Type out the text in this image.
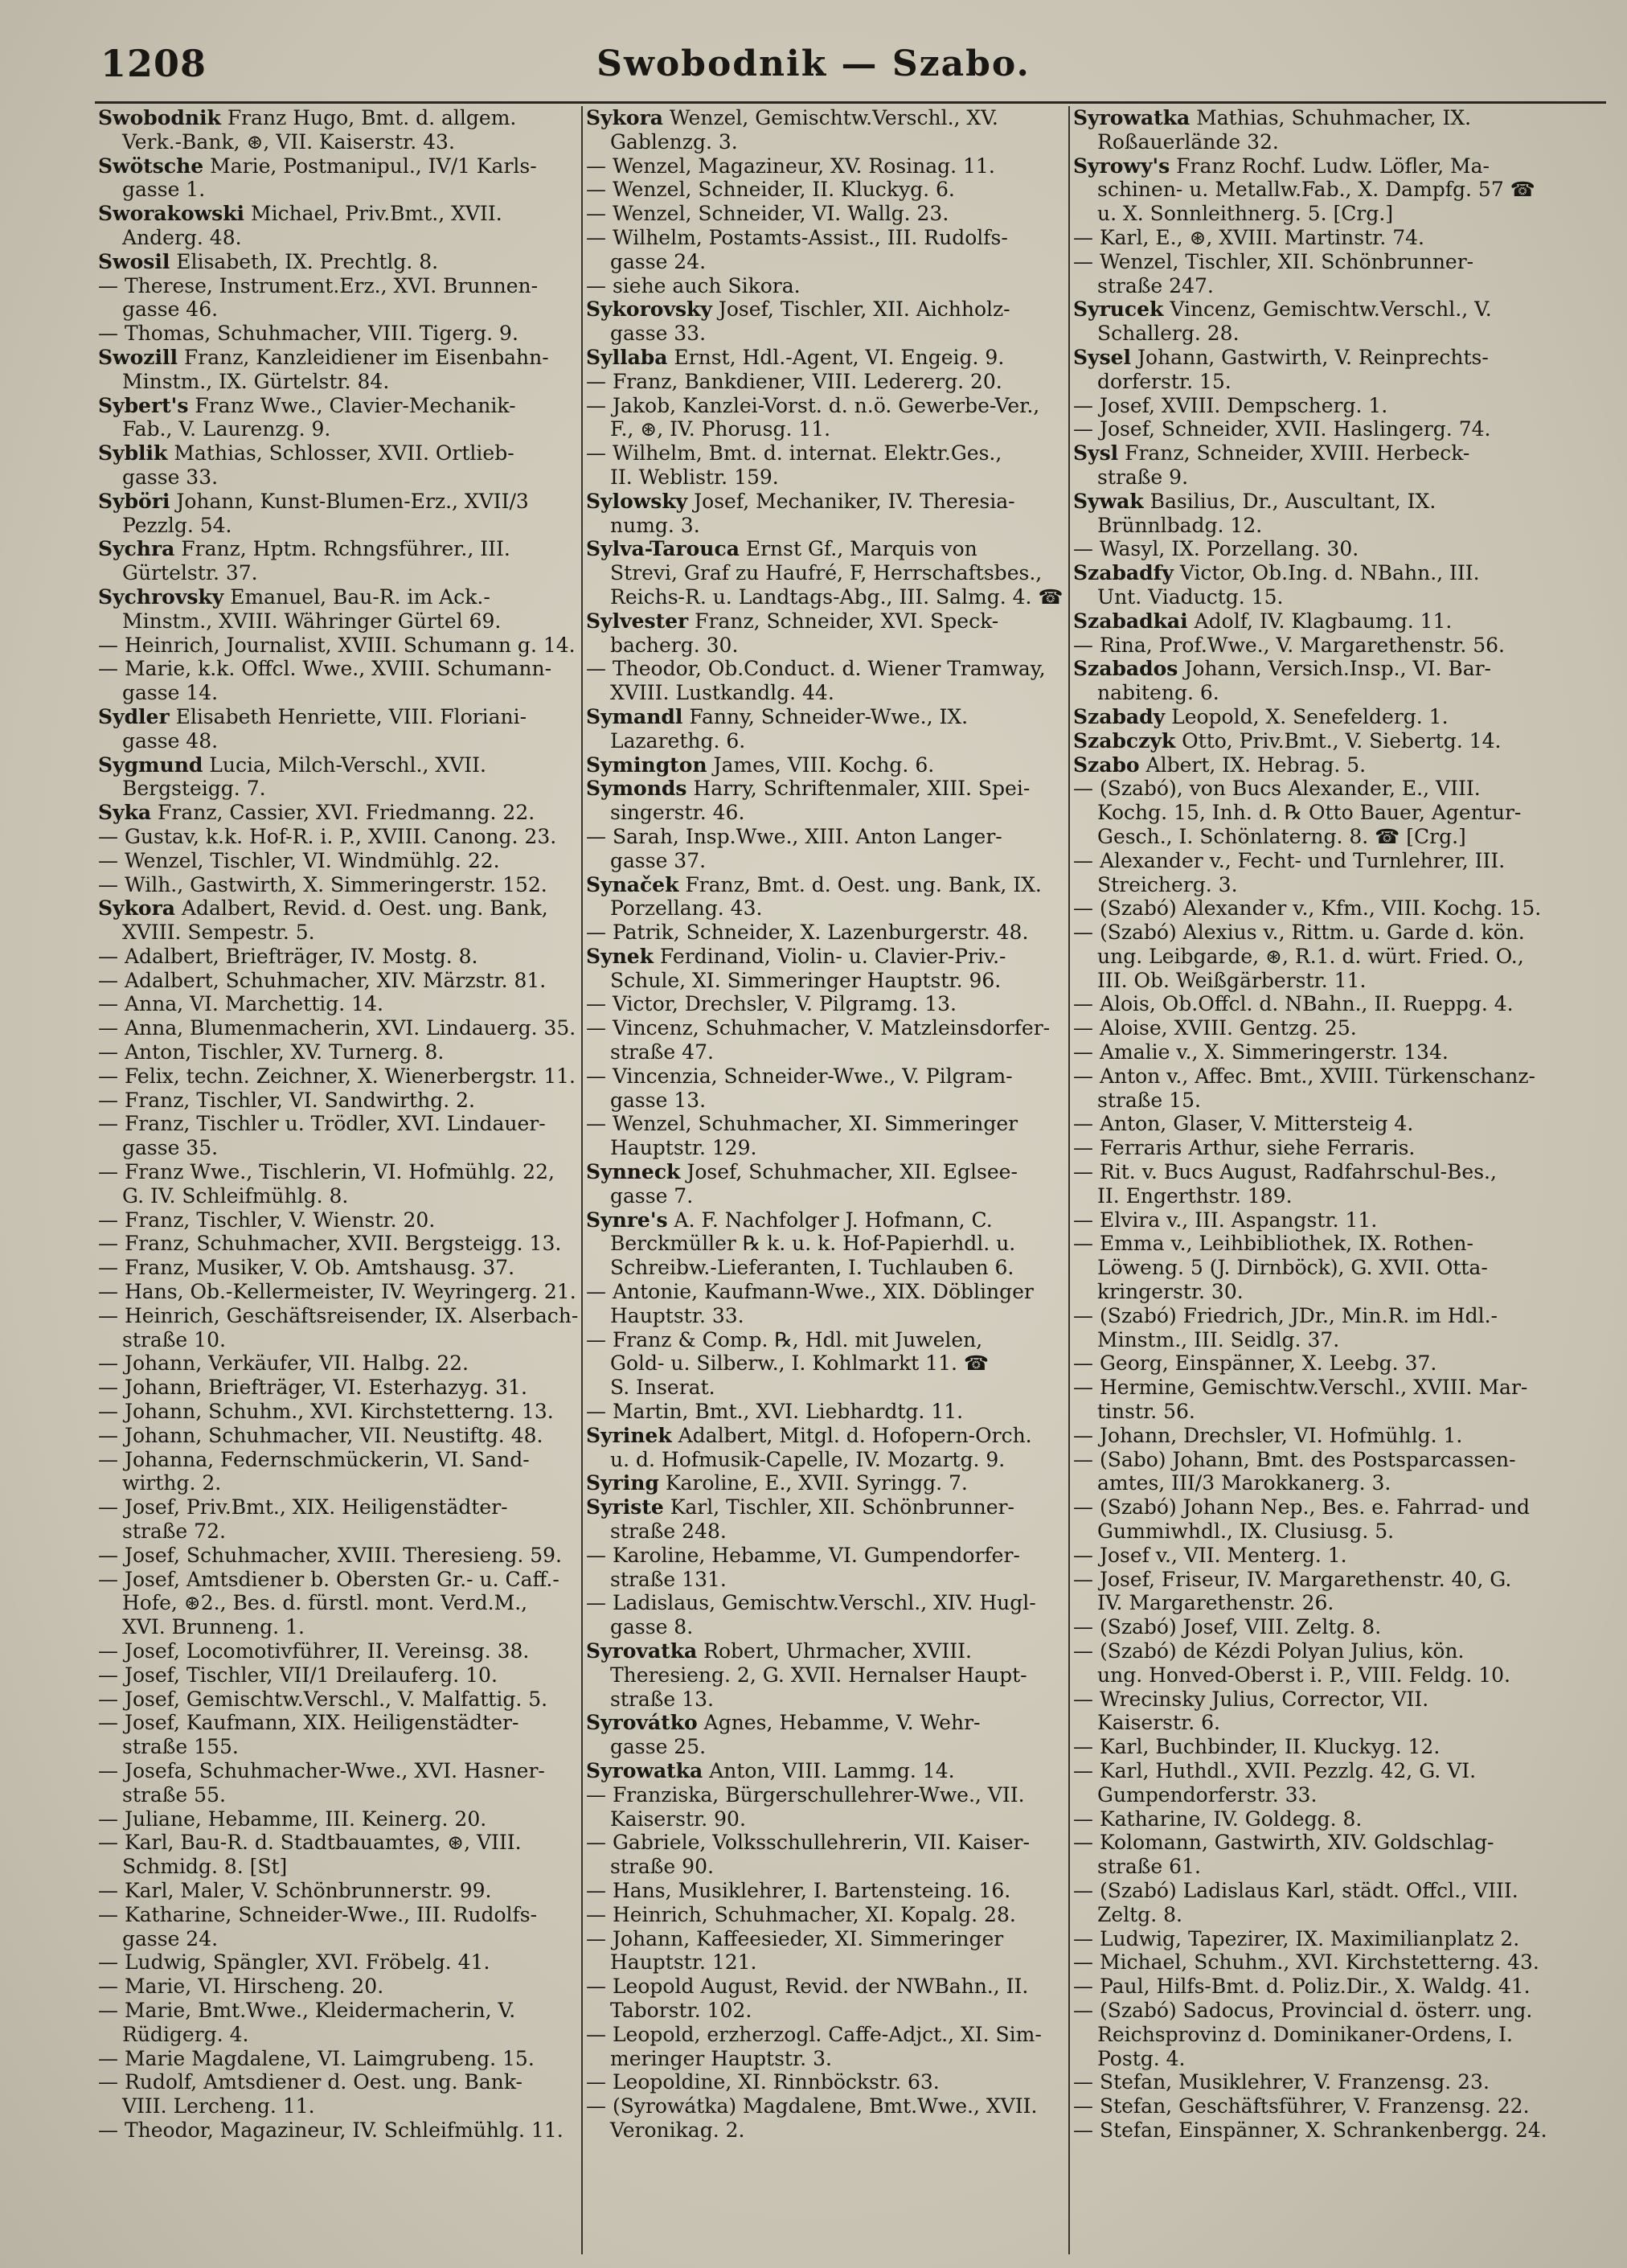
1208	Swobodnik — Szabo.
Swobodnik Franz Hugo, Bmt. d. allgem.
Verk.-Bank, ⊛, VII. Kaiserstr. 43.
Swötsche Marie, Postmanipul., IV/1 Karls-
gasse 1.
Sworakowski Michael, Priv.Bmt., XVII.
Anderg. 48.
Swosil Elisabeth, IX. Prechtlg. 8.
— Therese, Instrument.Erz., XVI. Brunnen-
gasse 46.
— Thomas, Schuhmacher, VIII. Tigerg. 9.
Swozill Franz, Kanzleidiener im Eisenbahn-
Minstm., IX. Gürtelstr. 84.
Sybert's Franz Wwe., Clavier-Mechanik-
Fab., V. Laurenzg. 9.
Syblik Mathias, Schlosser, XVII. Ortlieb-
gasse 33.
Syböri Johann, Kunst-Blumen-Erz., XVII/3
Pezzlg. 54.
Sychra Franz, Hptm. Rchngsführer., III.
Gürtelstr. 37.
Sychrovsky Emanuel, Bau-R. im Ack.-
Minstm., XVIII. Währinger Gürtel 69.
— Heinrich, Journalist, XVIII. Schumann g. 14.
— Marie, k.k. Offcl. Wwe., XVIII. Schumann-
gasse 14.
Sydler Elisabeth Henriette, VIII. Floriani-
gasse 48.
Sygmund Lucia, Milch-Verschl., XVII.
Bergsteigg. 7.
Syka Franz, Cassier, XVI. Friedmanng. 22.
— Gustav, k.k. Hof-R. i. P., XVIII. Canong. 23.
— Wenzel, Tischler, VI. Windmühlg. 22.
— Wilh., Gastwirth, X. Simmeringerstr. 152.
Sykora Adalbert, Revid. d. Oest. ung. Bank,
XVIII. Sempestr. 5.
— Adalbert, Briefträger, IV. Mostg. 8.
— Adalbert, Schuhmacher, XIV. Märzstr. 81.
— Anna, VI. Marchettig. 14.
— Anna, Blumenmacherin, XVI. Lindauerg. 35.
— Anton, Tischler, XV. Turnerg. 8.
— Felix, techn. Zeichner, X. Wienerbergstr. 11.
— Franz, Tischler, VI. Sandwirthg. 2.
— Franz, Tischler u. Trödler, XVI. Lindauer-
gasse 35.
— Franz Wwe., Tischlerin, VI. Hofmühlg. 22,
G. IV. Schleifmühlg. 8.
— Franz, Tischler, V. Wienstr. 20.
— Franz, Schuhmacher, XVII. Bergsteigg. 13.
— Franz, Musiker, V. Ob. Amtshausg. 37.
— Hans, Ob.-Kellermeister, IV. Weyringerg. 21.
— Heinrich, Geschäftsreisender, IX. Alserbach-
straße 10.
— Johann, Verkäufer, VII. Halbg. 22.
— Johann, Briefträger, VI. Esterhazyg. 31.
— Johann, Schuhm., XVI. Kirchstetterng. 13.
— Johann, Schuhmacher, VII. Neustiftg. 48.
— Johanna, Federnschmückerin, VI. Sand-
wirthg. 2.
— Josef, Priv.Bmt., XIX. Heiligenstädter-
straße 72.
— Josef, Schuhmacher, XVIII. Theresieng. 59.
— Josef, Amtsdiener b. Obersten Gr.- u. Caff.-
Hofe, ⊛2., Bes. d. fürstl. mont. Verd.M.,
XVI. Brunneng. 1.
— Josef, Locomotivführer, II. Vereinsg. 38.
— Josef, Tischler, VII/1 Dreilauferg. 10.
— Josef, Gemischtw.Verschl., V. Malfattig. 5.
— Josef, Kaufmann, XIX. Heiligenstädter-
straße 155.
— Josefa, Schuhmacher-Wwe., XVI. Hasner-
straße 55.
— Juliane, Hebamme, III. Keinerg. 20.
— Karl, Bau-R. d. Stadtbauamtes, ⊛, VIII.
Schmidg. 8. [St]
— Karl, Maler, V. Schönbrunnerstr. 99.
— Katharine, Schneider-Wwe., III. Rudolfs-
gasse 24.
— Ludwig, Spängler, XVI. Fröbelg. 41.
— Marie, VI. Hirscheng. 20.
— Marie, Bmt.Wwe., Kleidermacherin, V.
Rüdigerg. 4.
— Marie Magdalene, VI. Laimgrubeng. 15.
— Rudolf, Amtsdiener d. Oest. ung. Bank-
VIII. Lercheng. 11.
— Theodor, Magazineur, IV. Schleifmühlg. 11.
Sykora Wenzel, Gemischtw.Verschl., XV.
Gablenzg. 3.
— Wenzel, Magazineur, XV. Rosinag. 11.
— Wenzel, Schneider, II. Kluckyg. 6.
— Wenzel, Schneider, VI. Wallg. 23.
— Wilhelm, Postamts-Assist., III. Rudolfs-
gasse 24.
— siehe auch Sikora.
Sykorovsky Josef, Tischler, XII. Aichholz-
gasse 33.
Syllaba Ernst, Hdl.-Agent, VI. Engeig. 9.
— Franz, Bankdiener, VIII. Ledererg. 20.
— Jakob, Kanzlei-Vorst. d. n.ö. Gewerbe-Ver.,
F., ⊛, IV. Phorusg. 11.
— Wilhelm, Bmt. d. internat. Elektr.Ges.,
II. Weblistr. 159.
Sylowsky Josef, Mechaniker, IV. Theresia-
numg. 3.
Sylva-Tarouca Ernst Gf., Marquis von
Strevi, Graf zu Haufré, F, Herrschaftsbes.,
Reichs-R. u. Landtags-Abg., III. Salmg. 4. ☎
Sylvester Franz, Schneider, XVI. Speck-
bacherg. 30.
— Theodor, Ob.Conduct. d. Wiener Tramway,
XVIII. Lustkandlg. 44.
Symandl Fanny, Schneider-Wwe., IX.
Lazarethg. 6.
Symington James, VIII. Kochg. 6.
Symonds Harry, Schriftenmaler, XIII. Spei-
singerstr. 46.
— Sarah, Insp.Wwe., XIII. Anton Langer-
gasse 37.
Synaček Franz, Bmt. d. Oest. ung. Bank, IX.
Porzellang. 43.
— Patrik, Schneider, X. Lazenburgerstr. 48.
Synek Ferdinand, Violin- u. Clavier-Priv.-
Schule, XI. Simmeringer Hauptstr. 96.
— Victor, Drechsler, V. Pilgramg. 13.
— Vincenz, Schuhmacher, V. Matzleinsdorfer-
straße 47.
— Vincenzia, Schneider-Wwe., V. Pilgram-
gasse 13.
— Wenzel, Schuhmacher, XI. Simmeringer
Hauptstr. 129.
Synneck Josef, Schuhmacher, XII. Eglsee-
gasse 7.
Synre's A. F. Nachfolger J. Hofmann, C.
Berckmüller ℞ k. u. k. Hof-Papierhdl. u.
Schreibw.-Lieferanten, I. Tuchlauben 6.
— Antonie, Kaufmann-Wwe., XIX. Döblinger
Hauptstr. 33.
— Franz & Comp. ℞, Hdl. mit Juwelen,
Gold- u. Silberw., I. Kohlmarkt 11. ☎
S. Inserat.
— Martin, Bmt., XVI. Liebhardtg. 11.
Syrinek Adalbert, Mitgl. d. Hofopern-Orch.
u. d. Hofmusik-Capelle, IV. Mozartg. 9.
Syring Karoline, E., XVII. Syringg. 7.
Syriste Karl, Tischler, XII. Schönbrunner-
straße 248.
— Karoline, Hebamme, VI. Gumpendorfer-
straße 131.
— Ladislaus, Gemischtw.Verschl., XIV. Hugl-
gasse 8.
Syrovatka Robert, Uhrmacher, XVIII.
Theresieng. 2, G. XVII. Hernalser Haupt-
straße 13.
Syrovátko Agnes, Hebamme, V. Wehr-
gasse 25.
Syrowatka Anton, VIII. Lammg. 14.
— Franziska, Bürgerschullehrer-Wwe., VII.
Kaiserstr. 90.
— Gabriele, Volksschullehrerin, VII. Kaiser-
straße 90.
— Hans, Musiklehrer, I. Bartensteing. 16.
— Heinrich, Schuhmacher, XI. Kopalg. 28.
— Johann, Kaffeesieder, XI. Simmeringer
Hauptstr. 121.
— Leopold August, Revid. der NWBahn., II.
Taborstr. 102.
— Leopold, erzherzogl. Caffe-Adjct., XI. Sim-
meringer Hauptstr. 3.
— Leopoldine, XI. Rinnböckstr. 63.
— (Syrowátka) Magdalene, Bmt.Wwe., XVII.
Veronikag. 2.
Syrowatka Mathias, Schuhmacher, IX.
Roßauerlände 32.
Syrowy's Franz Rochf. Ludw. Löfler, Ma-
schinen- u. Metallw.Fab., X. Dampfg. 57 ☎
u. X. Sonnleithnerg. 5. [Crg.]
— Karl, E., ⊛, XVIII. Martinstr. 74.
— Wenzel, Tischler, XII. Schönbrunner-
straße 247.
Syrucek Vincenz, Gemischtw.Verschl., V.
Schallerg. 28.
Sysel Johann, Gastwirth, V. Reinprechts-
dorferstr. 15.
— Josef, XVIII. Dempscherg. 1.
— Josef, Schneider, XVII. Haslingerg. 74.
Sysl Franz, Schneider, XVIII. Herbeck-
straße 9.
Sywak Basilius, Dr., Auscultant, IX.
Brünnlbadg. 12.
— Wasyl, IX. Porzellang. 30.
Szabadfy Victor, Ob.Ing. d. NBahn., III.
Unt. Viaductg. 15.
Szabadkai Adolf, IV. Klagbaumg. 11.
— Rina, Prof.Wwe., V. Margarethenstr. 56.
Szabados Johann, Versich.Insp., VI. Bar-
nabiteng. 6.
Szabady Leopold, X. Senefelderg. 1.
Szabczyk Otto, Priv.Bmt., V. Siebertg. 14.
Szabo Albert, IX. Hebrag. 5.
— (Szabó), von Bucs Alexander, E., VIII.
Kochg. 15, Inh. d. ℞ Otto Bauer, Agentur-
Gesch., I. Schönlaterng. 8. ☎ [Crg.]
— Alexander v., Fecht- und Turnlehrer, III.
Streicherg. 3.
— (Szabó) Alexander v., Kfm., VIII. Kochg. 15.
— (Szabó) Alexius v., Rittm. u. Garde d. kön.
ung. Leibgarde, ⊛, R.1. d. würt. Fried. O.,
III. Ob. Weißgärberstr. 11.
— Alois, Ob.Offcl. d. NBahn., II. Rueppg. 4.
— Aloise, XVIII. Gentzg. 25.
— Amalie v., X. Simmeringerstr. 134.
— Anton v., Affec. Bmt., XVIII. Türkenschanz-
straße 15.
— Anton, Glaser, V. Mittersteig 4.
— Ferraris Arthur, siehe Ferraris.
— Rit. v. Bucs August, Radfahrschul-Bes.,
II. Engerthstr. 189.
— Elvira v., III. Aspangstr. 11.
— Emma v., Leihbibliothek, IX. Rothen-
Löweng. 5 (J. Dirnböck), G. XVII. Otta-
kringerstr. 30.
— (Szabó) Friedrich, JDr., Min.R. im Hdl.-
Minstm., III. Seidlg. 37.
— Georg, Einspänner, X. Leebg. 37.
— Hermine, Gemischtw.Verschl., XVIII. Mar-
tinstr. 56.
— Johann, Drechsler, VI. Hofmühlg. 1.
— (Sabo) Johann, Bmt. des Postsparcassen-
amtes, III/3 Marokkanerg. 3.
— (Szabó) Johann Nep., Bes. e. Fahrrad- und
Gummiwhdl., IX. Clusiusg. 5.
— Josef v., VII. Menterg. 1.
— Josef, Friseur, IV. Margarethenstr. 40, G.
IV. Margarethenstr. 26.
— (Szabó) Josef, VIII. Zeltg. 8.
— (Szabó) de Kézdi Polyan Julius, kön.
ung. Honved-Oberst i. P., VIII. Feldg. 10.
— Wrecinsky Julius, Corrector, VII.
Kaiserstr. 6.
— Karl, Buchbinder, II. Kluckyg. 12.
— Karl, Huthdl., XVII. Pezzlg. 42, G. VI.
Gumpendorferstr. 33.
— Katharine, IV. Goldegg. 8.
— Kolomann, Gastwirth, XIV. Goldschlag-
straße 61.
— (Szabó) Ladislaus Karl, städt. Offcl., VIII.
Zeltg. 8.
— Ludwig, Tapezirer, IX. Maximilianplatz 2.
— Michael, Schuhm., XVI. Kirchstetterng. 43.
— Paul, Hilfs-Bmt. d. Poliz.Dir., X. Waldg. 41.
— (Szabó) Sadocus, Provincial d. österr. ung.
Reichsprovinz d. Dominikaner-Ordens, I.
Postg. 4.
— Stefan, Musiklehrer, V. Franzensg. 23.
— Stefan, Geschäftsführer, V. Franzensg. 22.
— Stefan, Einspänner, X. Schrankenbergg. 24.
